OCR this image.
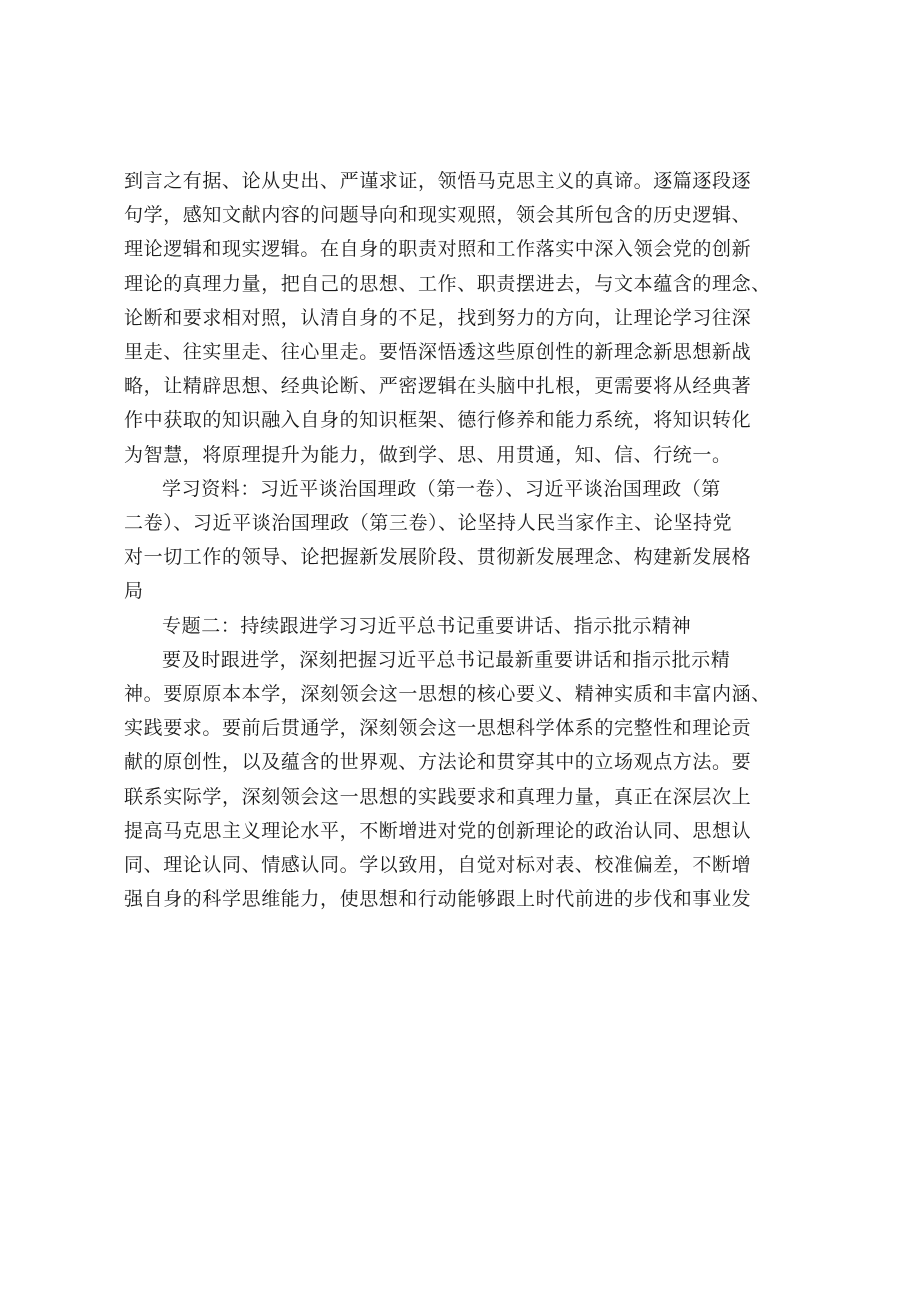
到言之有据、论从史出、严谨求证，领悟马克思主义的真谛。逐篇逐段逐
句学，感知文献内容的问题导向和现实观照，领会其所包含的历史逻辑、
理论逻辑和现实逻辑。在自身的职责对照和工作落实中深入领会党的创新
理论的真理力量，把自己的思想、工作、职责摆进去，与文本蕴含的理念、
论断和要求相对照，认清自身的不足，找到努力的方向，让理论学习往深
里走、往实里走、往心里走。要悟深悟透这些原创性的新理念新思想新战
略，让精辟思想、经典论断、严密逻辑在头脑中扎根，更需要将从经典著
作中获取的知识融入自身的知识框架、德行修养和能力系统，将知识转化
为智慧，将原理提升为能力，做到学、思、用贯通，知、信、行统一。

学习资料：习近平谈治国理政（第一卷）、习近平谈治国理政（第
二卷）、习近平谈治国理政（第三卷）、论坚持人民当家作主、论坚持党
对一切工作的领导、论把握新发展阶段、贯彻新发展理念、构建新发展格
局

专题二：持续跟进学习习近平总书记重要讲话、指示批示精神

要及时跟进学，深刻把握习近平总书记最新重要讲话和指示批示精
神。要原原本本学，深刻领会这一思想的核心要义、精神实质和丰富内涵、
实践要求。要前后贯通学，深刻领会这一思想科学体系的完整性和理论贡
献的原创性，以及蕴含的世界观、方法论和贯穿其中的立场观点方法。要
联系实际学，深刻领会这一思想的实践要求和真理力量，真正在深层次上
提高马克思主义理论水平，不断增进对党的创新理论的政治认同、思想认
同、理论认同、情感认同。学以致用，自觉对标对表、校准偏差，不断增
强自身的科学思维能力，使思想和行动能够跟上时代前进的步伐和事业发
